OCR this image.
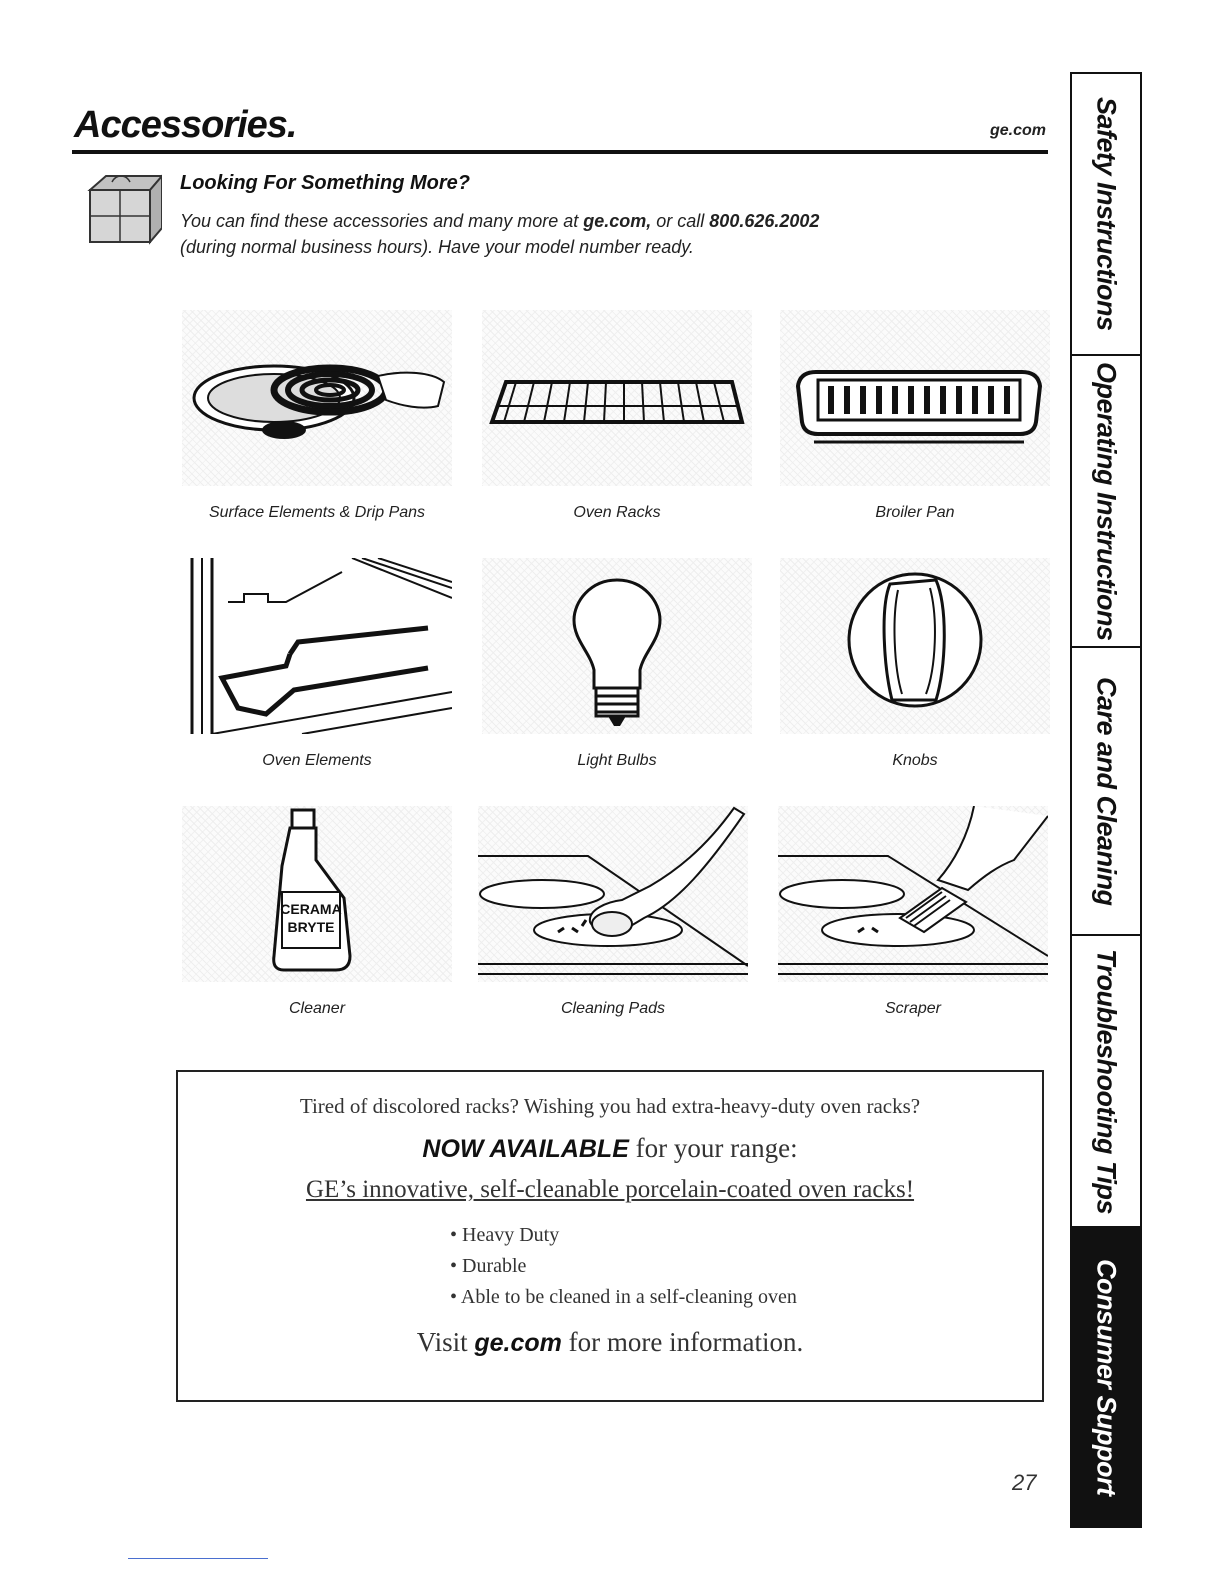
Accessories.	ge.com
Looking For Something More?
You can find these accessories and many more at ge.com, or call 800.626.2002
(during normal business hours). Have your model number ready.
Surface Elements & Drip Pans	Oven Racks	Broiler Pan
Oven Elements	Light Bulbs	Knobs
CERAMA
BRYTE
Cleaner	Cleaning Pads	Scraper
Tired of discolored racks? Wishing you had extra-heavy-duty oven racks?
NOW AVAILABLE for your range:
GE’s innovative, self-cleanable porcelain-coated oven racks!
• Heavy Duty
• Durable
• Able to be cleaned in a self-cleaning oven
Visit ge.com for more information.
27
Safety Instructions
Operating Instructions
Care and Cleaning
Troubleshooting Tips
Consumer Support
